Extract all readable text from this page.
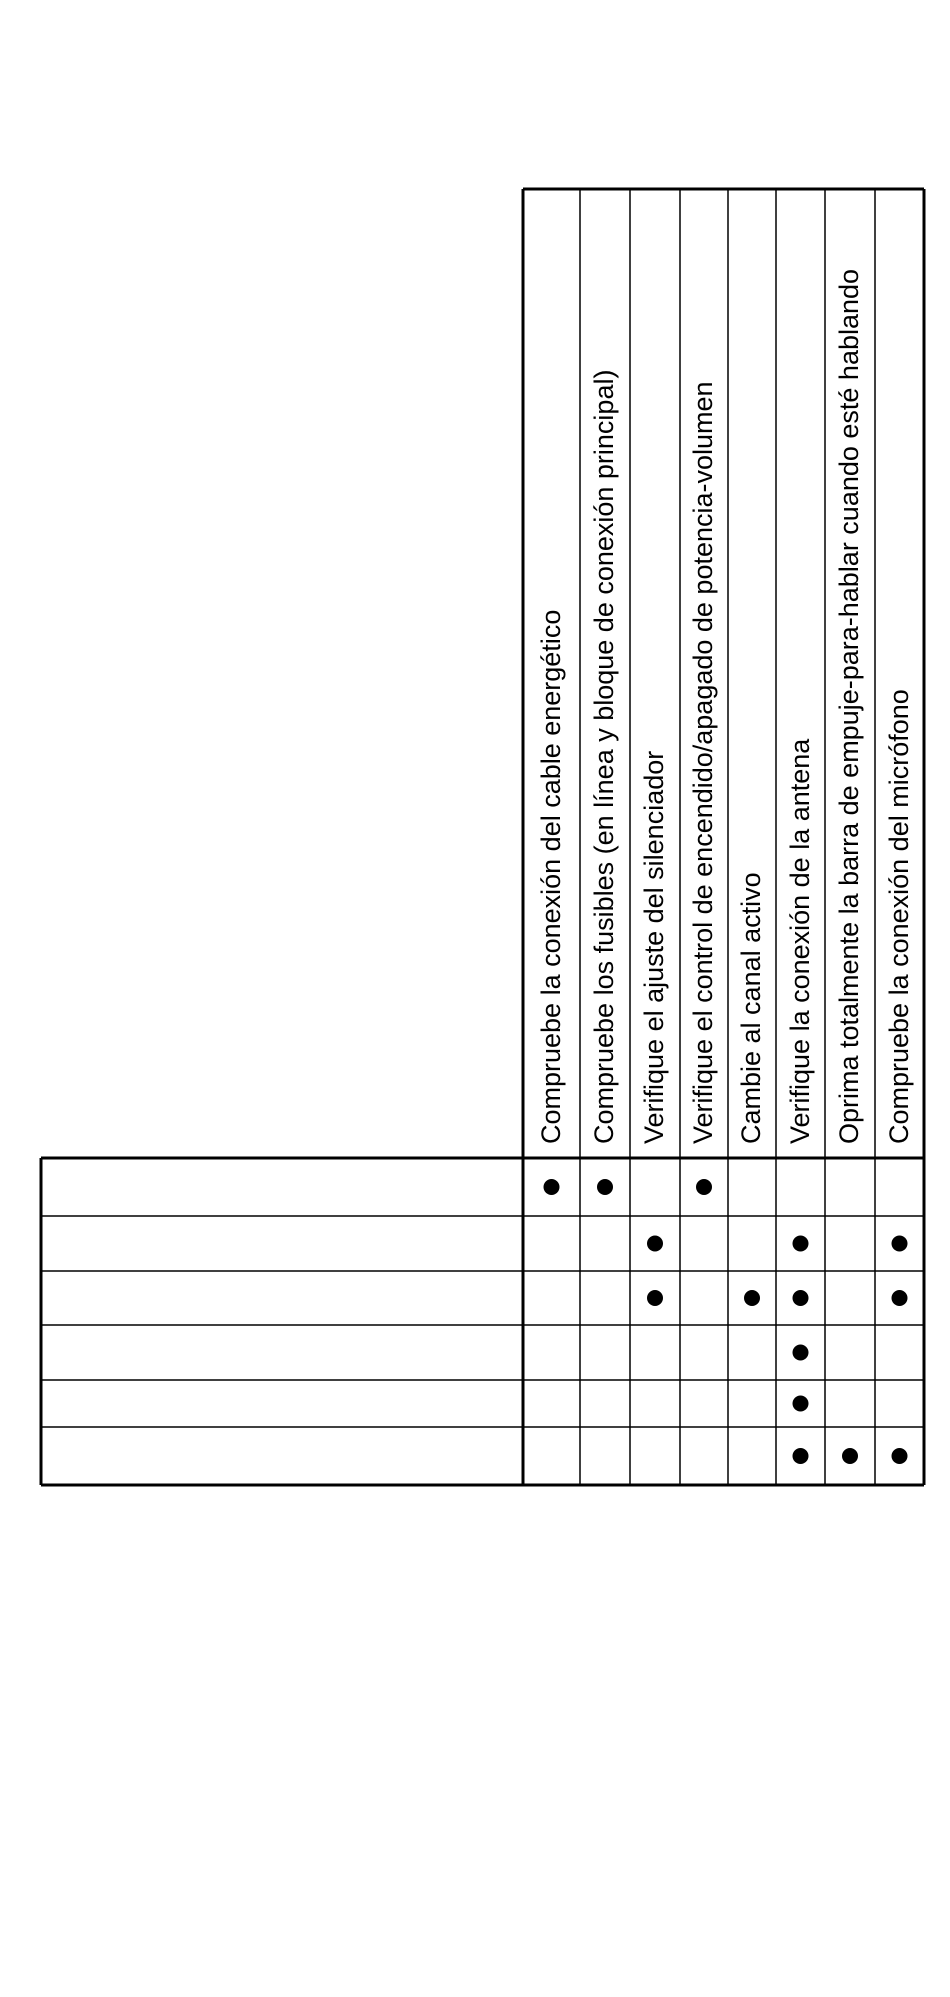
Compruebe la conexión del cable energético Compruebe los fusibles (en línea y bloque de conexión principal) Verifique el ajuste del silenciador Verifique el control de encendido/apagado de potencia-volumen Cambie al canal activo Verifique la conexión de la antena Oprima totalmente la barra de empuje-para-hablar cuando esté hablando Compruebe la conexión del micrófono
